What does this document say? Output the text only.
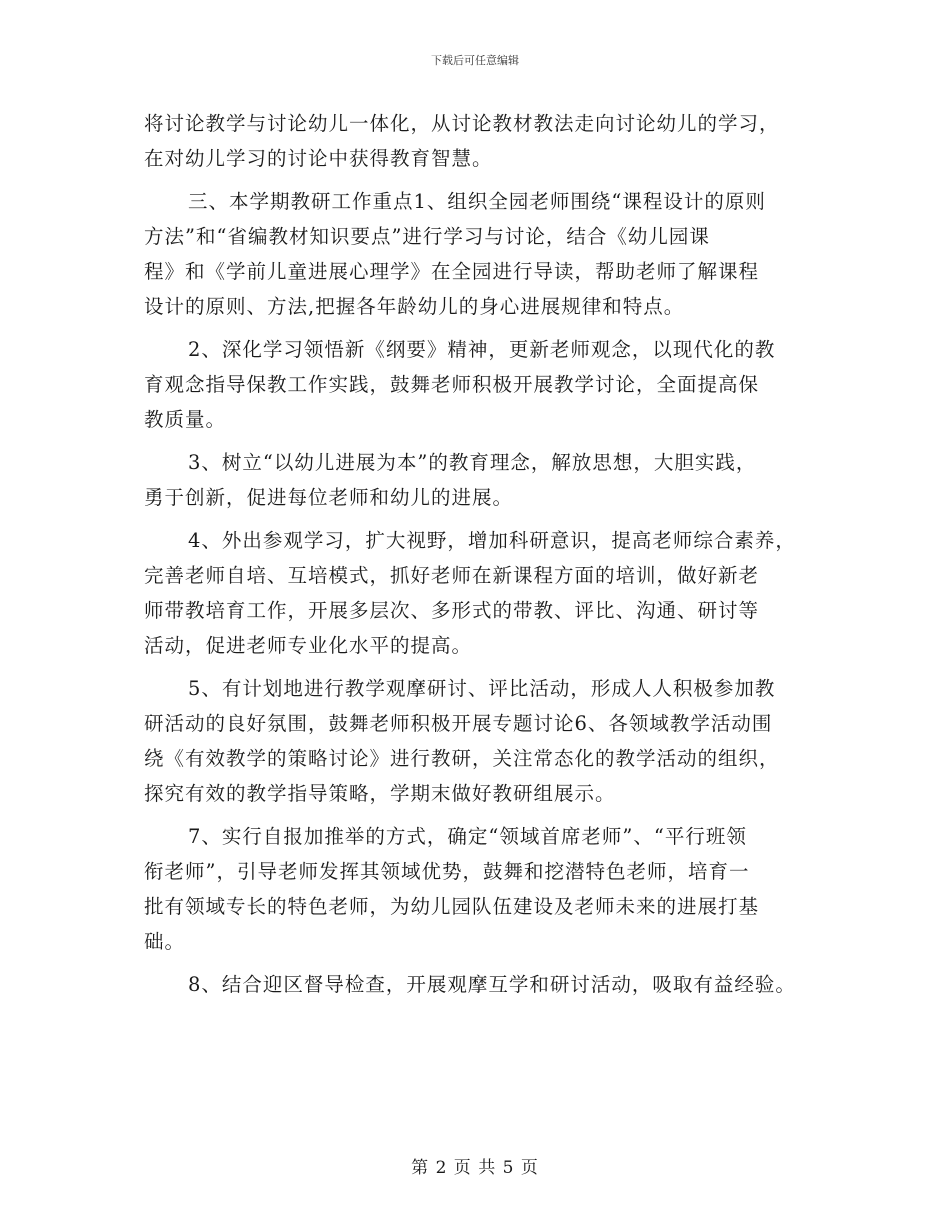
下载后可任意编辑

将讨论教学与讨论幼儿一体化，从讨论教材教法走向讨论幼儿的学习，
在对幼儿学习的讨论中获得教育智慧。

三、本学期教研工作重点1、组织全园老师围绕“课程设计的原则
方法”和“省编教材知识要点”进行学习与讨论，结合《幼儿园课
程》和《学前儿童进展心理学》在全园进行导读，帮助老师了解课程
设计的原则、方法,把握各年龄幼儿的身心进展规律和特点。

2、深化学习领悟新《纲要》精神，更新老师观念，以现代化的教
育观念指导保教工作实践，鼓舞老师积极开展教学讨论，全面提高保
教质量。

3、树立“以幼儿进展为本”的教育理念，解放思想，大胆实践，
勇于创新，促进每位老师和幼儿的进展。

4、外出参观学习，扩大视野，增加科研意识，提高老师综合素养，
完善老师自培、互培模式，抓好老师在新课程方面的培训，做好新老
师带教培育工作，开展多层次、多形式的带教、评比、沟通、研讨等
活动，促进老师专业化水平的提高。

5、有计划地进行教学观摩研讨、评比活动，形成人人积极参加教
研活动的良好氛围，鼓舞老师积极开展专题讨论6、各领域教学活动围
绕《有效教学的策略讨论》进行教研，关注常态化的教学活动的组织，
探究有效的教学指导策略，学期末做好教研组展示。

7、实行自报加推举的方式，确定“领域首席老师”、“平行班领
衔老师”，引导老师发挥其领域优势，鼓舞和挖潜特色老师，培育一
批有领域专长的特色老师，为幼儿园队伍建设及老师未来的进展打基
础。

8、结合迎区督导检查，开展观摩互学和研讨活动，吸取有益经验。

第 2 页 共 5 页
